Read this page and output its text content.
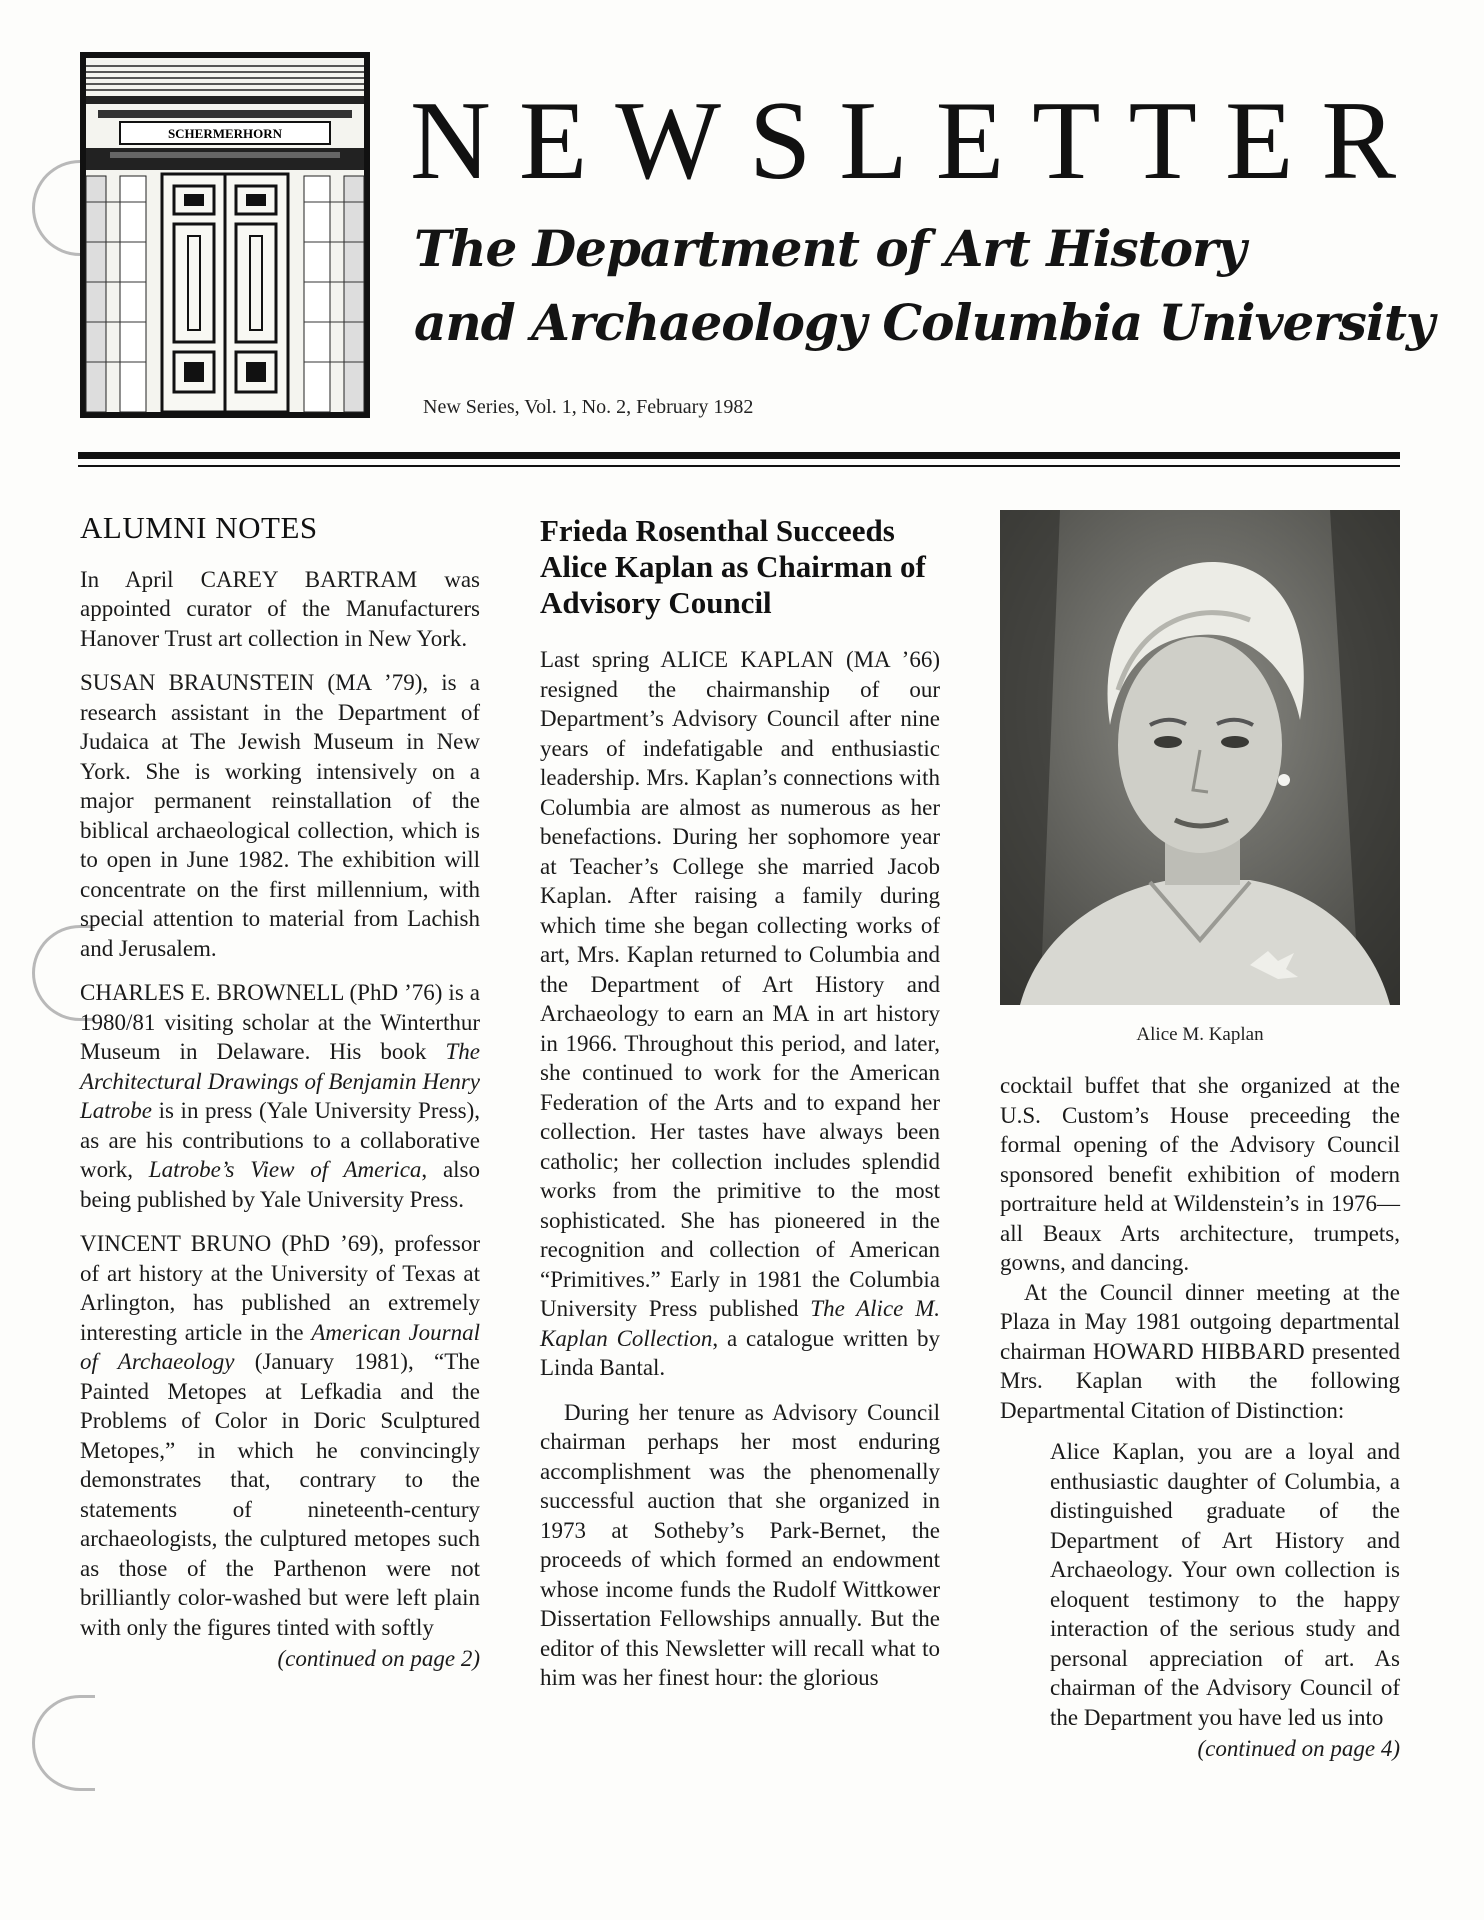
SCHERMERHORN NEWSLETTER
The Department of Art History
and Archaeology Columbia University
New Series, Vol. 1, No. 2, February 1982
ALUMNI NOTES

In April CAREY BARTRAM was appointed curator of the Manufacturers Hanover Trust art collection in New York.

SUSAN BRAUNSTEIN (MA ’79), is a research assistant in the Department of Judaica at The Jewish Museum in New York. She is working intensively on a major permanent reinstallation of the biblical archaeological collection, which is to open in June 1982. The exhibition will concentrate on the first millennium, with special attention to material from Lachish and Jerusalem.

CHARLES E. BROWNELL (PhD ’76) is a 1980/81 visiting scholar at the Winterthur Museum in Delaware. His book The Architectural Drawings of Benjamin Henry Latrobe is in press (Yale University Press), as are his contributions to a collaborative work, Latrobe’s View of America, also being published by Yale University Press.

VINCENT BRUNO (PhD ’69), professor of art history at the University of Texas at Arlington, has published an extremely interesting article in the American Journal of Archaeology (January 1981), “The Painted Metopes at Lefkadia and the Problems of Color in Doric Sculptured Metopes,” in which he convincingly demonstrates that, contrary to the statements of nineteenth-century archaeologists, the culptured metopes such as those of the Parthenon were not brilliantly color-washed but were left plain with only the figures tinted with softly

(continued on page 2)
Frieda Rosenthal Succeeds Alice Kaplan as Chairman of Advisory Council

Last spring ALICE KAPLAN (MA ’66) resigned the chairmanship of our Department’s Advisory Council after nine years of indefatigable and enthusiastic leadership. Mrs. Kaplan’s connections with Columbia are almost as numerous as her benefactions. During her sophomore year at Teacher’s College she married Jacob Kaplan. After raising a family during which time she began collecting works of art, Mrs. Kaplan returned to Columbia and the Department of Art History and Archaeology to earn an MA in art history in 1966. Throughout this period, and later, she continued to work for the American Federation of the Arts and to expand her collection. Her tastes have always been catholic; her collection includes splendid works from the primitive to the most sophisticated. She has pioneered in the recognition and collection of American “Primitives.” Early in 1981 the Columbia University Press published The Alice M. Kaplan Collection, a catalogue written by Linda Bantal.

During her tenure as Advisory Council chairman perhaps her most enduring accomplishment was the phenomenally successful auction that she organized in 1973 at Sotheby’s Park-Bernet, the proceeds of which formed an endowment whose income funds the Rudolf Wittkower Dissertation Fellowships annually. But the editor of this Newsletter will recall what to him was her finest hour: the glorious

Alice M. Kaplan

cocktail buffet that she organized at the U.S. Custom’s House preceeding the formal opening of the Advisory Council sponsored benefit exhibition of modern portraiture held at Wildenstein’s in 1976—all Beaux Arts architecture, trumpets, gowns, and dancing.

At the Council dinner meeting at the Plaza in May 1981 outgoing departmental chairman HOWARD HIBBARD presented Mrs. Kaplan with the following Departmental Citation of Distinction:

Alice Kaplan, you are a loyal and enthusiastic daughter of Columbia, a distinguished graduate of the Department of Art History and Archaeology. Your own collection is eloquent testimony to the happy interaction of the serious study and personal appreciation of art. As chairman of the Advisory Council of the Department you have led us into

(continued on page 4)
